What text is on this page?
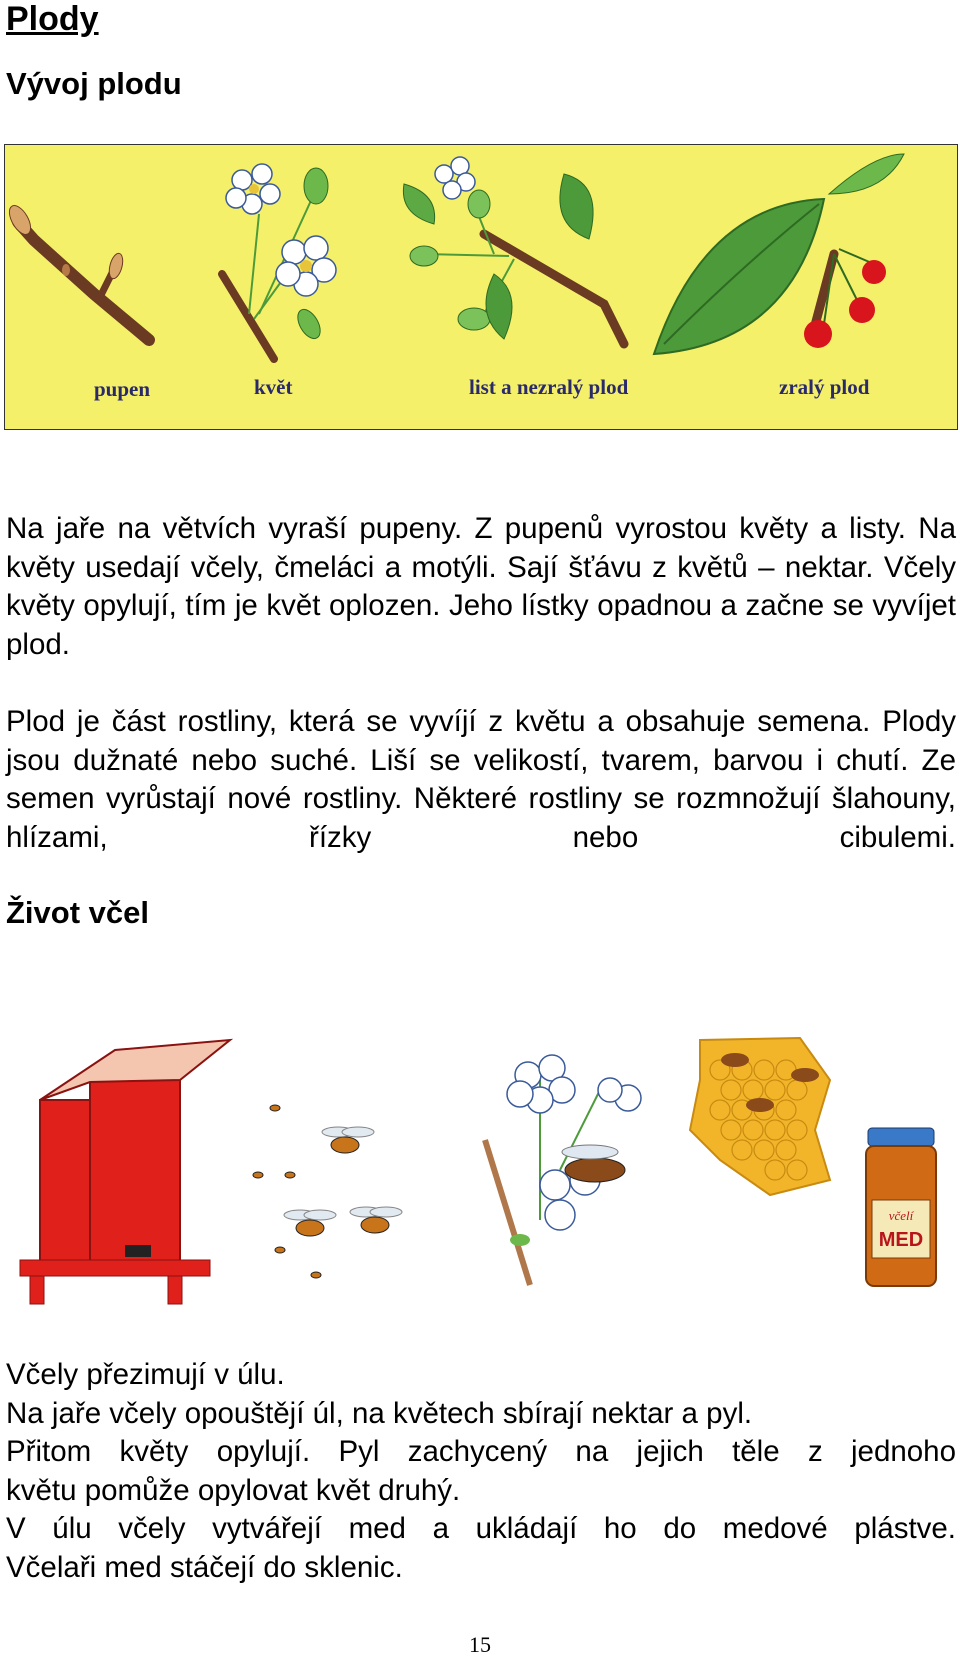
Plody
Vývoj plodu
pupen	květ	list a nezralý plod	zralý plod

Na jaře na větvích vyraší pupeny. Z pupenů vyrostou květy a listy. Na květy usedají včely, čmeláci a motýli. Sají šťávu z květů – nektar. Včely květy opylují, tím je květ oplozen. Jeho lístky opadnou a začne se vyvíjet plod.

Plod je část rostliny, která se vyvíjí z květu a obsahuje semena. Plody jsou dužnaté nebo suché. Liší se velikostí, tvarem, barvou i chutí. Ze semen vyrůstají nové rostliny. Některé rostliny se rozmnožují šlahouny, hlízami, řízky nebo cibulemi.

Život včel
včelí
MED
Včely přezimují v úlu.
Na jaře včely opouštějí úl, na květech sbírají nektar a pyl.
Přitom květy opylují. Pyl zachycený na jejich těle z jednoho
květu pomůže opylovat květ druhý.
V úlu včely vytvářejí med a ukládají ho do medové plástve.
Včelaři med stáčejí do sklenic.
15
